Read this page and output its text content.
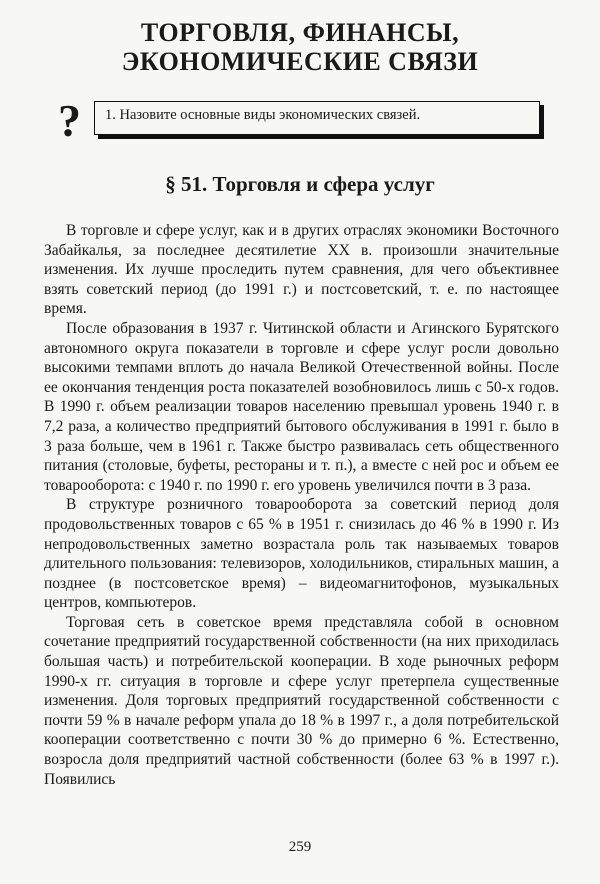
ТОРГОВЛЯ, ФИНАНСЫ,
ЭКОНОМИЧЕСКИЕ СВЯЗИ
?	1. Назовите основные виды экономических связей.
§ 51. Торговля и сфера услуг

В торговле и сфере услуг, как и в других отраслях экономики Восточного Забайкалья, за последнее десятилетие XX в. произошли значительные изменения. Их лучше проследить путем сравнения, для чего объективнее взять советский период (до 1991 г.) и постсоветский, т. е. по настоящее время.

После образования в 1937 г. Читинской области и Агинского Бурятского автономного округа показатели в торговле и сфере услуг росли довольно высокими темпами вплоть до начала Великой Отечественной войны. После ее окончания тенденция роста показателей возобновилось лишь с 50-х годов. В 1990 г. объем реализации товаров населению превышал уровень 1940 г. в 7,2 раза, а количество предприятий бытового обслуживания в 1991 г. было в 3 раза больше, чем в 1961 г. Также быстро развивалась сеть общественного питания (столовые, буфеты, рестораны и т. п.), а вместе с ней рос и объем ее товарооборота: с 1940 г. по 1990 г. его уровень увеличился почти в 3 раза.

В структуре розничного товарооборота за советский период доля продовольственных товаров с 65 % в 1951 г. снизилась до 46 % в 1990 г. Из непродовольственных заметно возрастала роль так называемых товаров длительного пользования: телевизоров, холодильников, стиральных машин, а позднее (в постсоветское время) – видеомагнитофонов, музыкальных центров, компьютеров.

Торговая сеть в советское время представляла собой в основном сочетание предприятий государственной собственности (на них приходилась большая часть) и потребительской кооперации. В ходе рыночных реформ 1990-х гг. ситуация в торговле и сфере услуг претерпела существенные изменения. Доля торговых предприятий государственной собственности с почти 59 % в начале реформ упала до 18 % в 1997 г., а доля потребительской кооперации соответственно с почти 30 % до примерно 6 %. Естественно, возросла доля предприятий частной собственности (более 63 % в 1997 г.). Появились

259
